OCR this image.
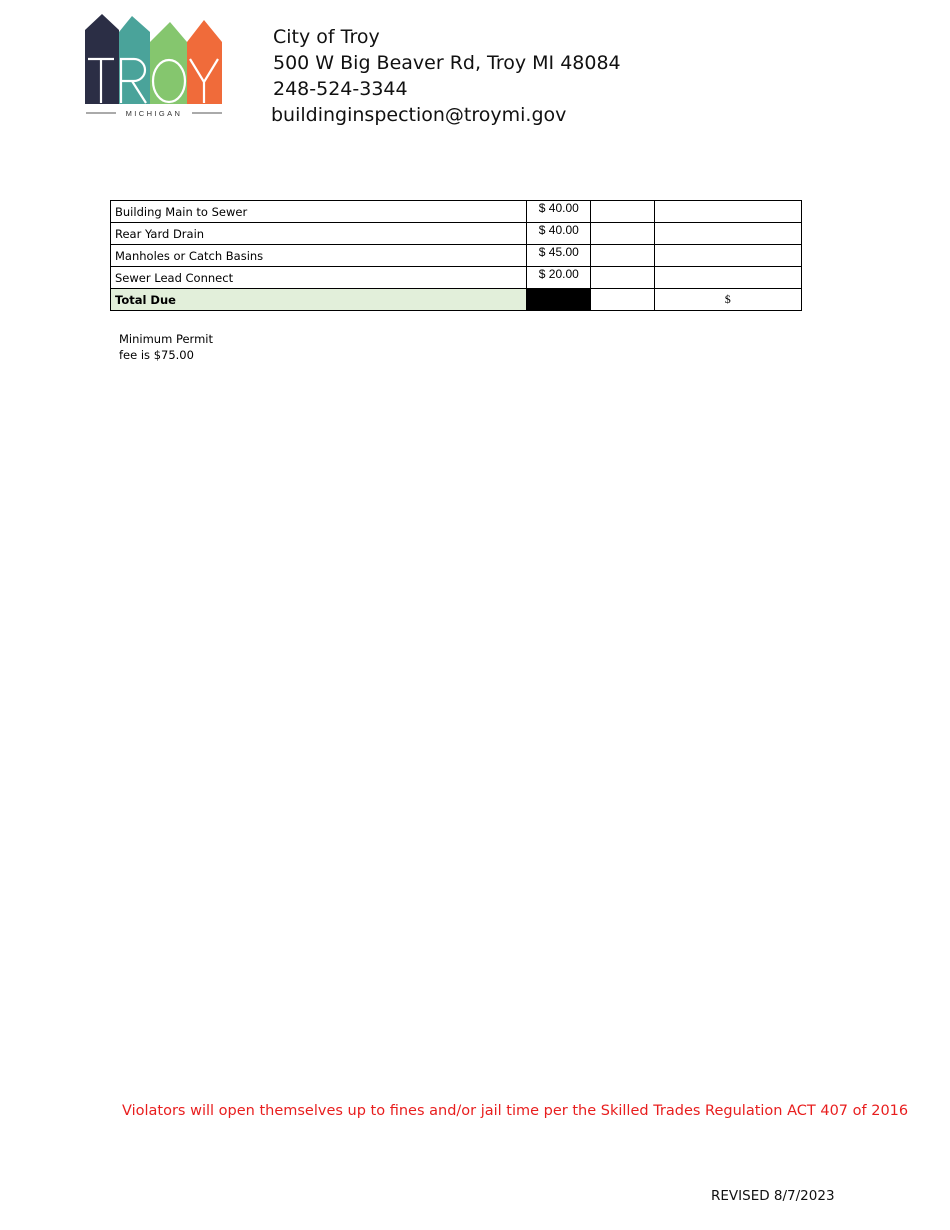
MICHIGAN
City of Troy
500 W Big Beaver Rd, Troy MI 48084
248-524-3344
buildinginspection@troymi.gov
Building Main to Sewer	$ 40.00		
Rear Yard Drain	$ 40.00		
Manholes or Catch Basins	$ 45.00		
Sewer Lead Connect	$ 20.00		
Total Due			$
Minimum Permit
fee is $75.00
Violators will open themselves up to fines and/or jail time per the Skilled Trades Regulation ACT 407 of 2016
REVISED 8/7/2023
